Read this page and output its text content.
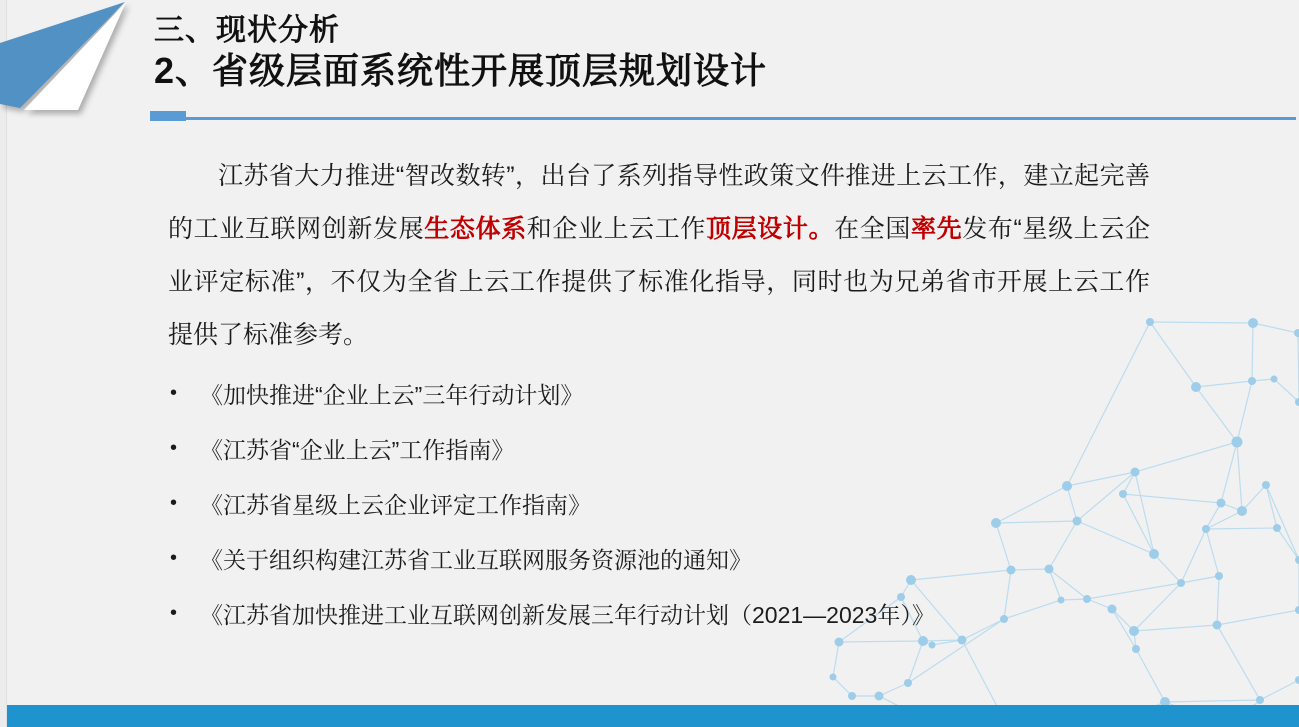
三、现状分析
2、省级层面系统性开展顶层规划设计

江苏省大力推进“智改数转”，出台了系列指导性政策文件推进上云工作，建立起完善的工业互联网创新发展生态体系和企业上云工作顶层设计。在全国率先发布“星级上云企业评定标准”，不仅为全省上云工作提供了标准化指导，同时也为兄弟省市开展上云工作提供了标准参考。

• 《加快推进“企业上云”三年行动计划》
• 《江苏省“企业上云”工作指南》
• 《江苏省星级上云企业评定工作指南》
• 《关于组织构建江苏省工业互联网服务资源池的通知》
• 《江苏省加快推进工业互联网创新发展三年行动计划（2021—2023年）》
